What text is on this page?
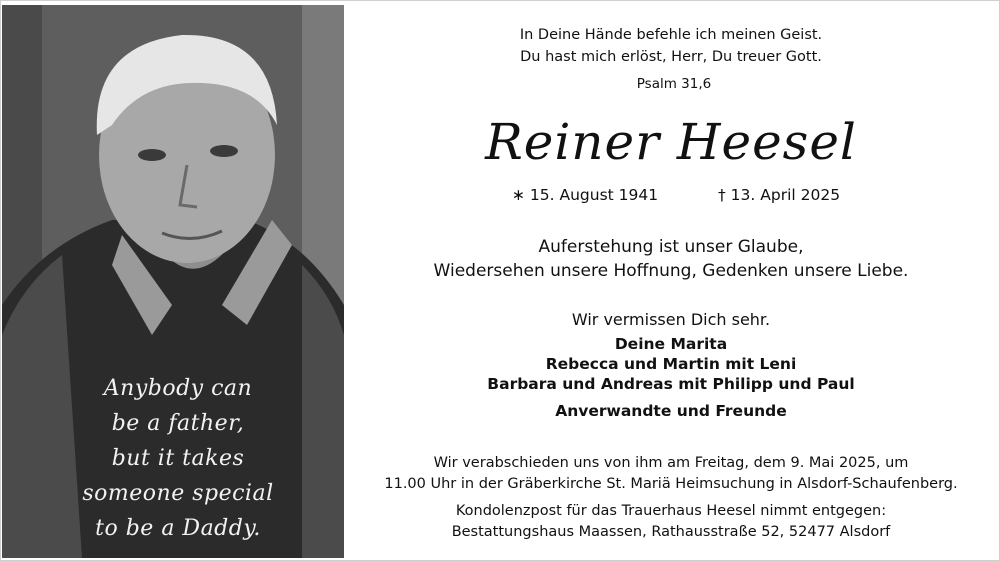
Anybody can
be a father,
but it takes
someone special
to be a Daddy.
In Deine Hände befehle ich meinen Geist.
Du hast mich erlöst, Herr, Du treuer Gott.
Psalm 31,6
Reiner Heesel
∗ 15. August 1941	† 13. April 2025
Auferstehung ist unser Glaube,
Wiedersehen unsere Hoffnung, Gedenken unsere Liebe.
Wir vermissen Dich sehr.
Deine Marita
Rebecca und Martin mit Leni
Barbara und Andreas mit Philipp und Paul
Anverwandte und Freunde
Wir verabschieden uns von ihm am Freitag, dem 9. Mai 2025, um
11.00 Uhr in der Gräberkirche St. Mariä Heimsuchung in Alsdorf-Schaufenberg.
Kondolenzpost für das Trauerhaus Heesel nimmt entgegen:
Bestattungshaus Maassen, Rathausstraße 52, 52477 Alsdorf
